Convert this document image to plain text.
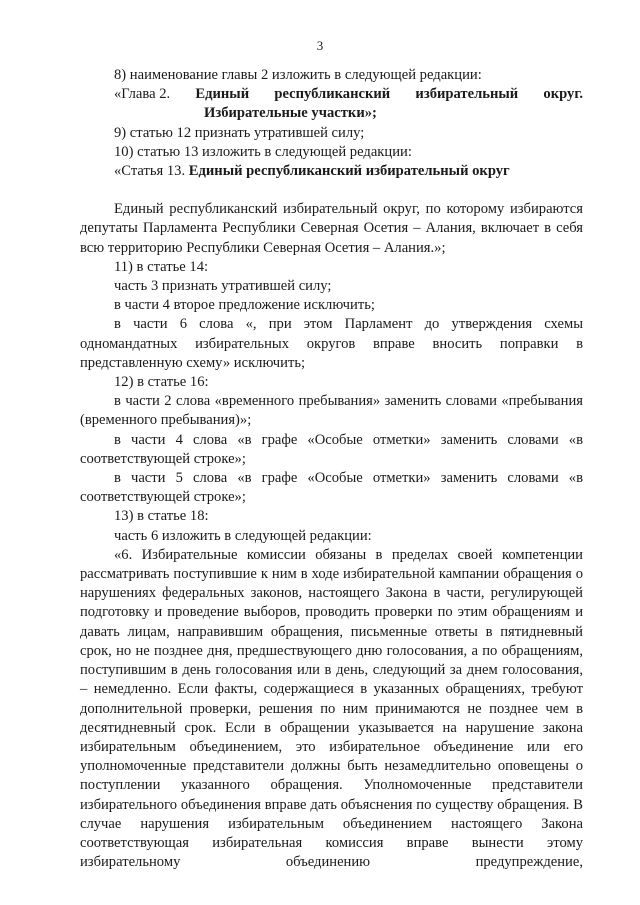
3

8) наименование главы 2 изложить в следующей редакции:

«Глава 2. Единый республиканский избирательный округ.
Избирательные участки»;

9) статью 12 признать утратившей силу;

10) статью 13 изложить в следующей редакции:

«Статья 13. Единый республиканский избирательный округ

Единый республиканский избирательный округ, по которому избираются депутаты Парламента Республики Северная Осетия – Алания, включает в себя всю территорию Республики Северная Осетия – Алания.»;

11) в статье 14:

часть 3 признать утратившей силу;

в части 4 второе предложение исключить;

в части 6 слова «, при этом Парламент до утверждения схемы одномандатных избирательных округов вправе вносить поправки в представленную схему» исключить;

12) в статье 16:

в части 2 слова «временного пребывания» заменить словами «пребывания (временного пребывания)»;

в части 4 слова «в графе «Особые отметки» заменить словами «в соответствующей строке»;

в части 5 слова «в графе «Особые отметки» заменить словами «в соответствующей строке»;

13) в статье 18:

часть 6 изложить в следующей редакции:

«6. Избирательные комиссии обязаны в пределах своей компетенции рассматривать поступившие к ним в ходе избирательной кампании обращения о нарушениях федеральных законов, настоящего Закона в части, регулирующей подготовку и проведение выборов, проводить проверки по этим обращениям и давать лицам, направившим обращения, письменные ответы в пятидневный срок, но не позднее дня, предшествующего дню голосования, а по обращениям, поступившим в день голосования или в день, следующий за днем голосования, – немедленно. Если факты, содержащиеся в указанных обращениях, требуют дополнительной проверки, решения по ним принимаются не позднее чем в десятидневный срок. Если в обращении указывается на нарушение закона избирательным объединением, это избирательное объединение или его уполномоченные представители должны быть незамедлительно оповещены о поступлении указанного обращения. Уполномоченные представители избирательного объединения вправе дать объяснения по существу обращения. В случае нарушения избирательным объединением настоящего Закона соответствующая избирательная комиссия вправе вынести этому избирательному объединению предупреждение,
